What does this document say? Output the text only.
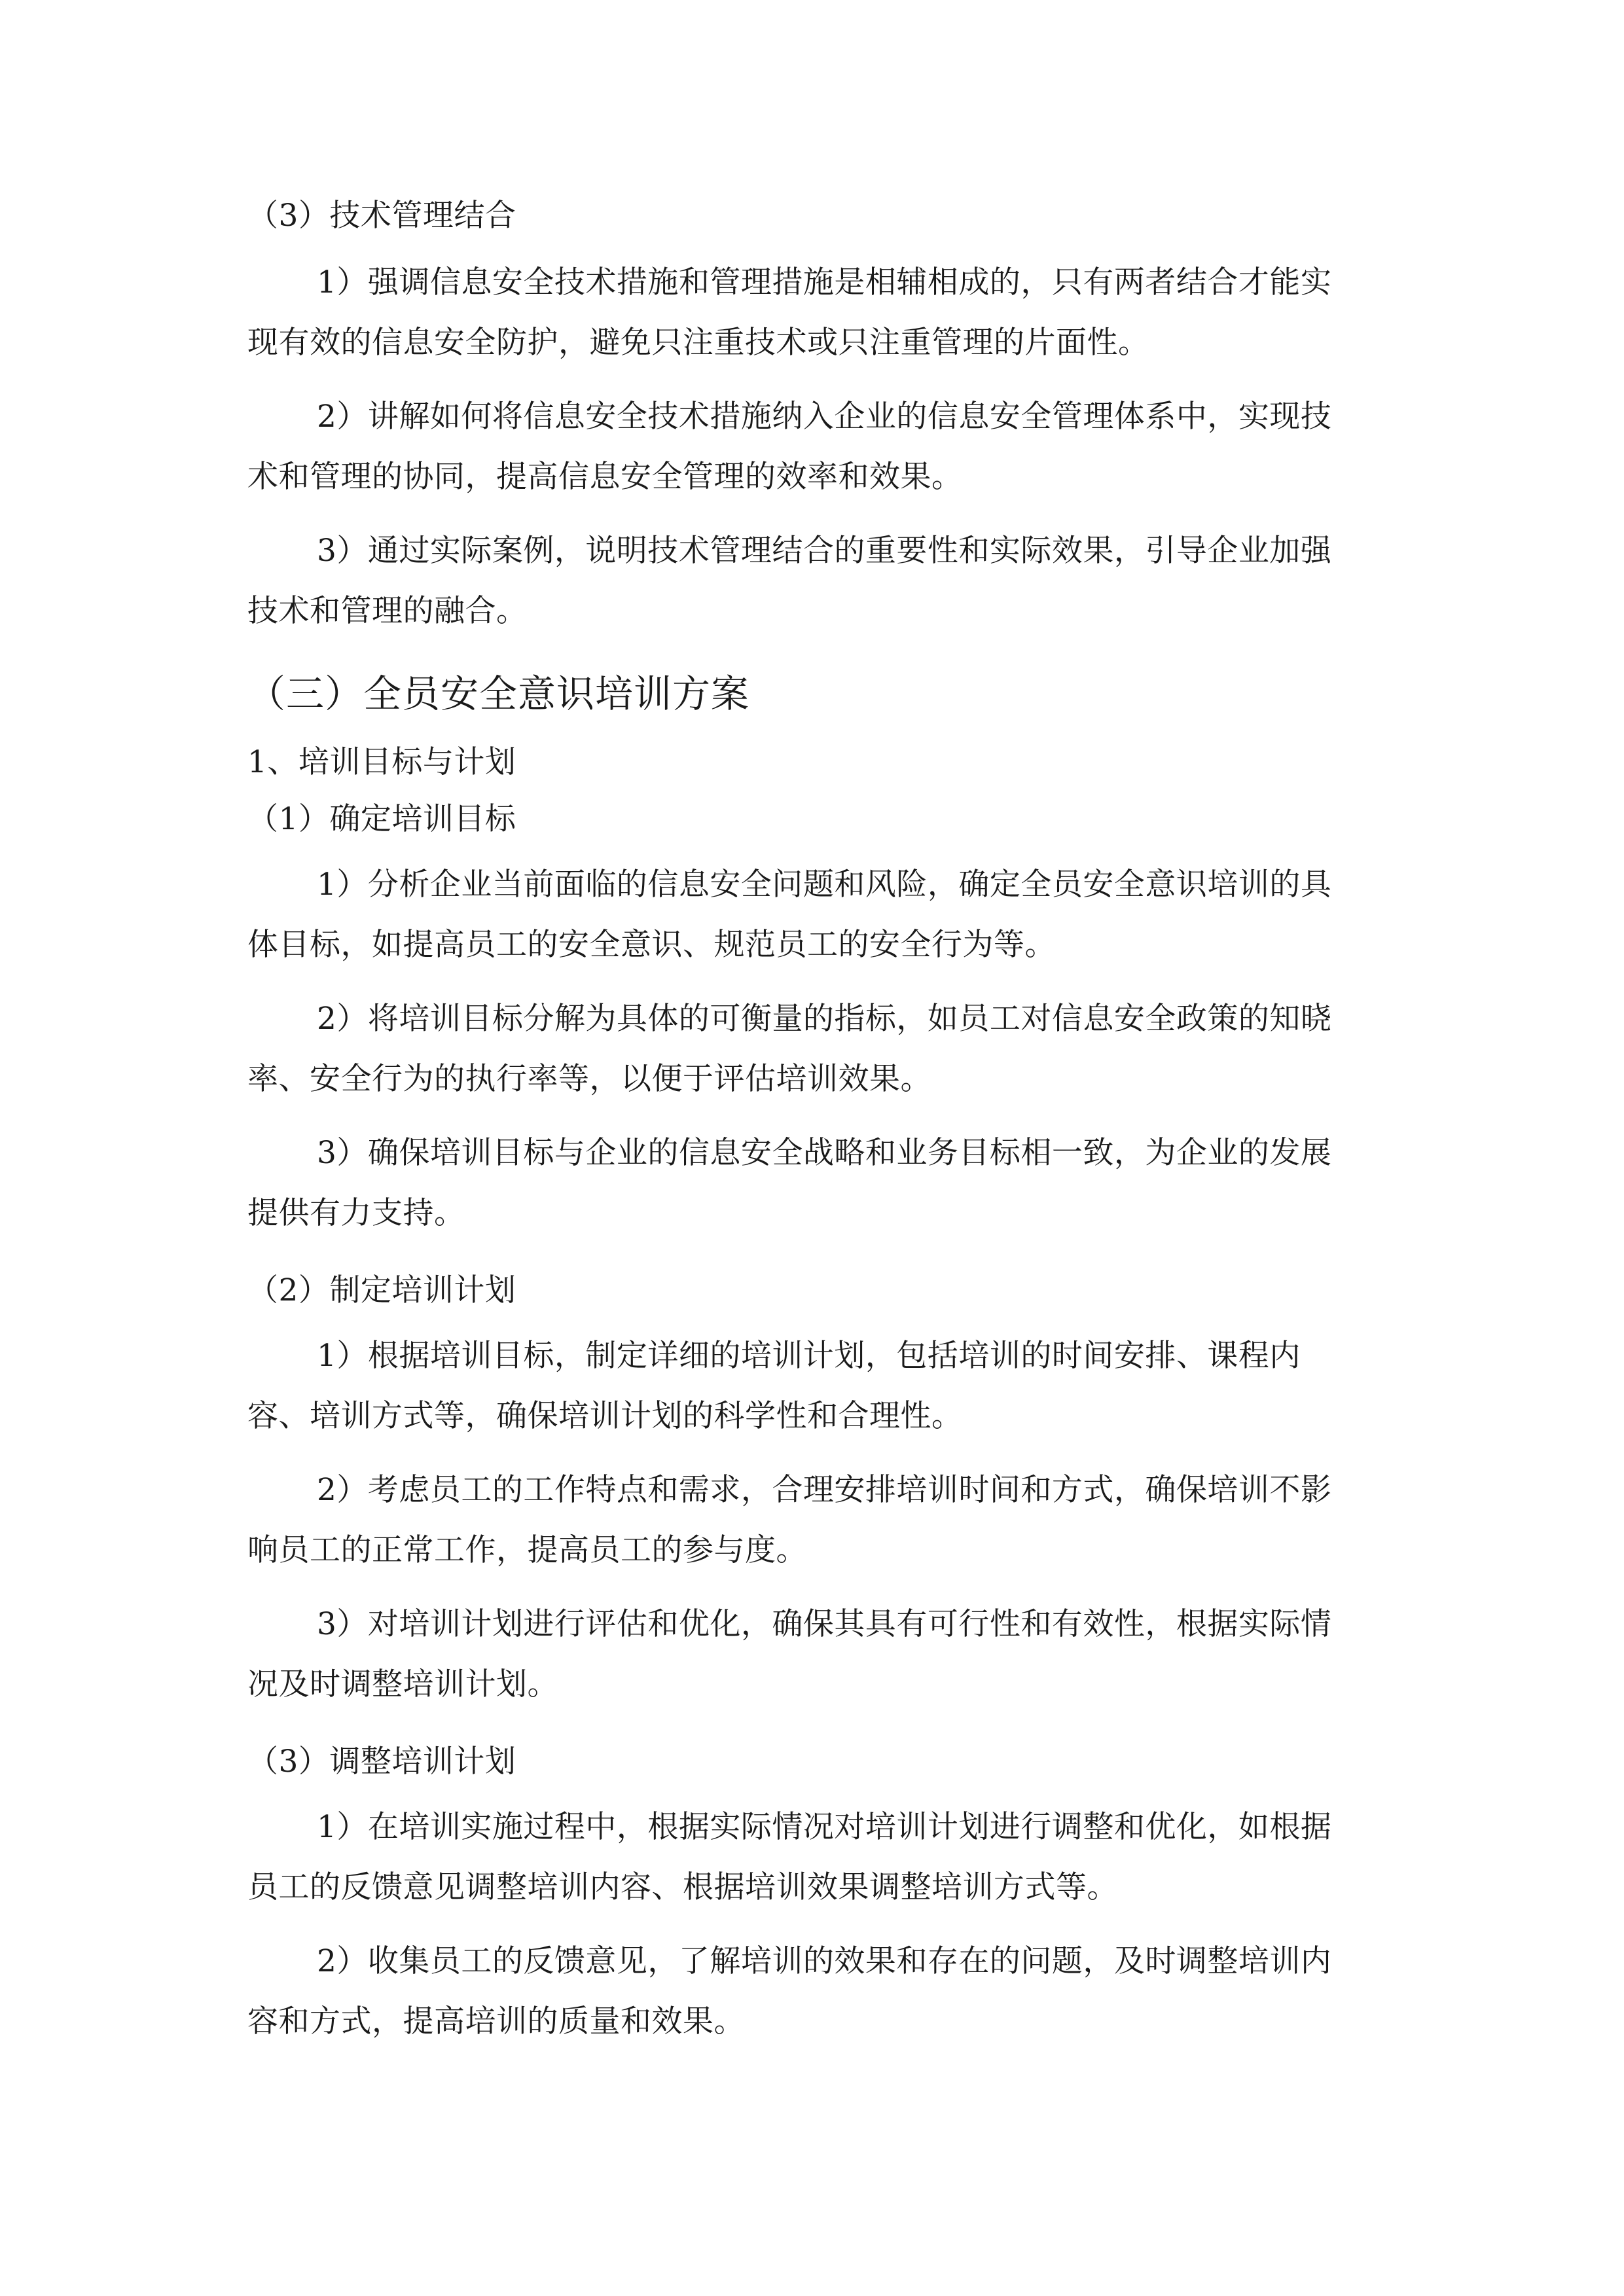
（3）技术管理结合
1）强调信息安全技术措施和管理措施是相辅相成的，只有两者结合才能实
现有效的信息安全防护，避免只注重技术或只注重管理的片面性。
2）讲解如何将信息安全技术措施纳入企业的信息安全管理体系中，实现技
术和管理的协同，提高信息安全管理的效率和效果。
3）通过实际案例，说明技术管理结合的重要性和实际效果，引导企业加强
技术和管理的融合。
（三）全员安全意识培训方案
1、培训目标与计划
（1）确定培训目标
1）分析企业当前面临的信息安全问题和风险，确定全员安全意识培训的具
体目标，如提高员工的安全意识、规范员工的安全行为等。
2）将培训目标分解为具体的可衡量的指标，如员工对信息安全政策的知晓
率、安全行为的执行率等，以便于评估培训效果。
3）确保培训目标与企业的信息安全战略和业务目标相一致，为企业的发展
提供有力支持。
（2）制定培训计划
1）根据培训目标，制定详细的培训计划，包括培训的时间安排、课程内
容、培训方式等，确保培训计划的科学性和合理性。
2）考虑员工的工作特点和需求，合理安排培训时间和方式，确保培训不影
响员工的正常工作，提高员工的参与度。
3）对培训计划进行评估和优化，确保其具有可行性和有效性，根据实际情
况及时调整培训计划。
（3）调整培训计划
1）在培训实施过程中，根据实际情况对培训计划进行调整和优化，如根据
员工的反馈意见调整培训内容、根据培训效果调整培训方式等。
2）收集员工的反馈意见，了解培训的效果和存在的问题，及时调整培训内
容和方式，提高培训的质量和效果。
